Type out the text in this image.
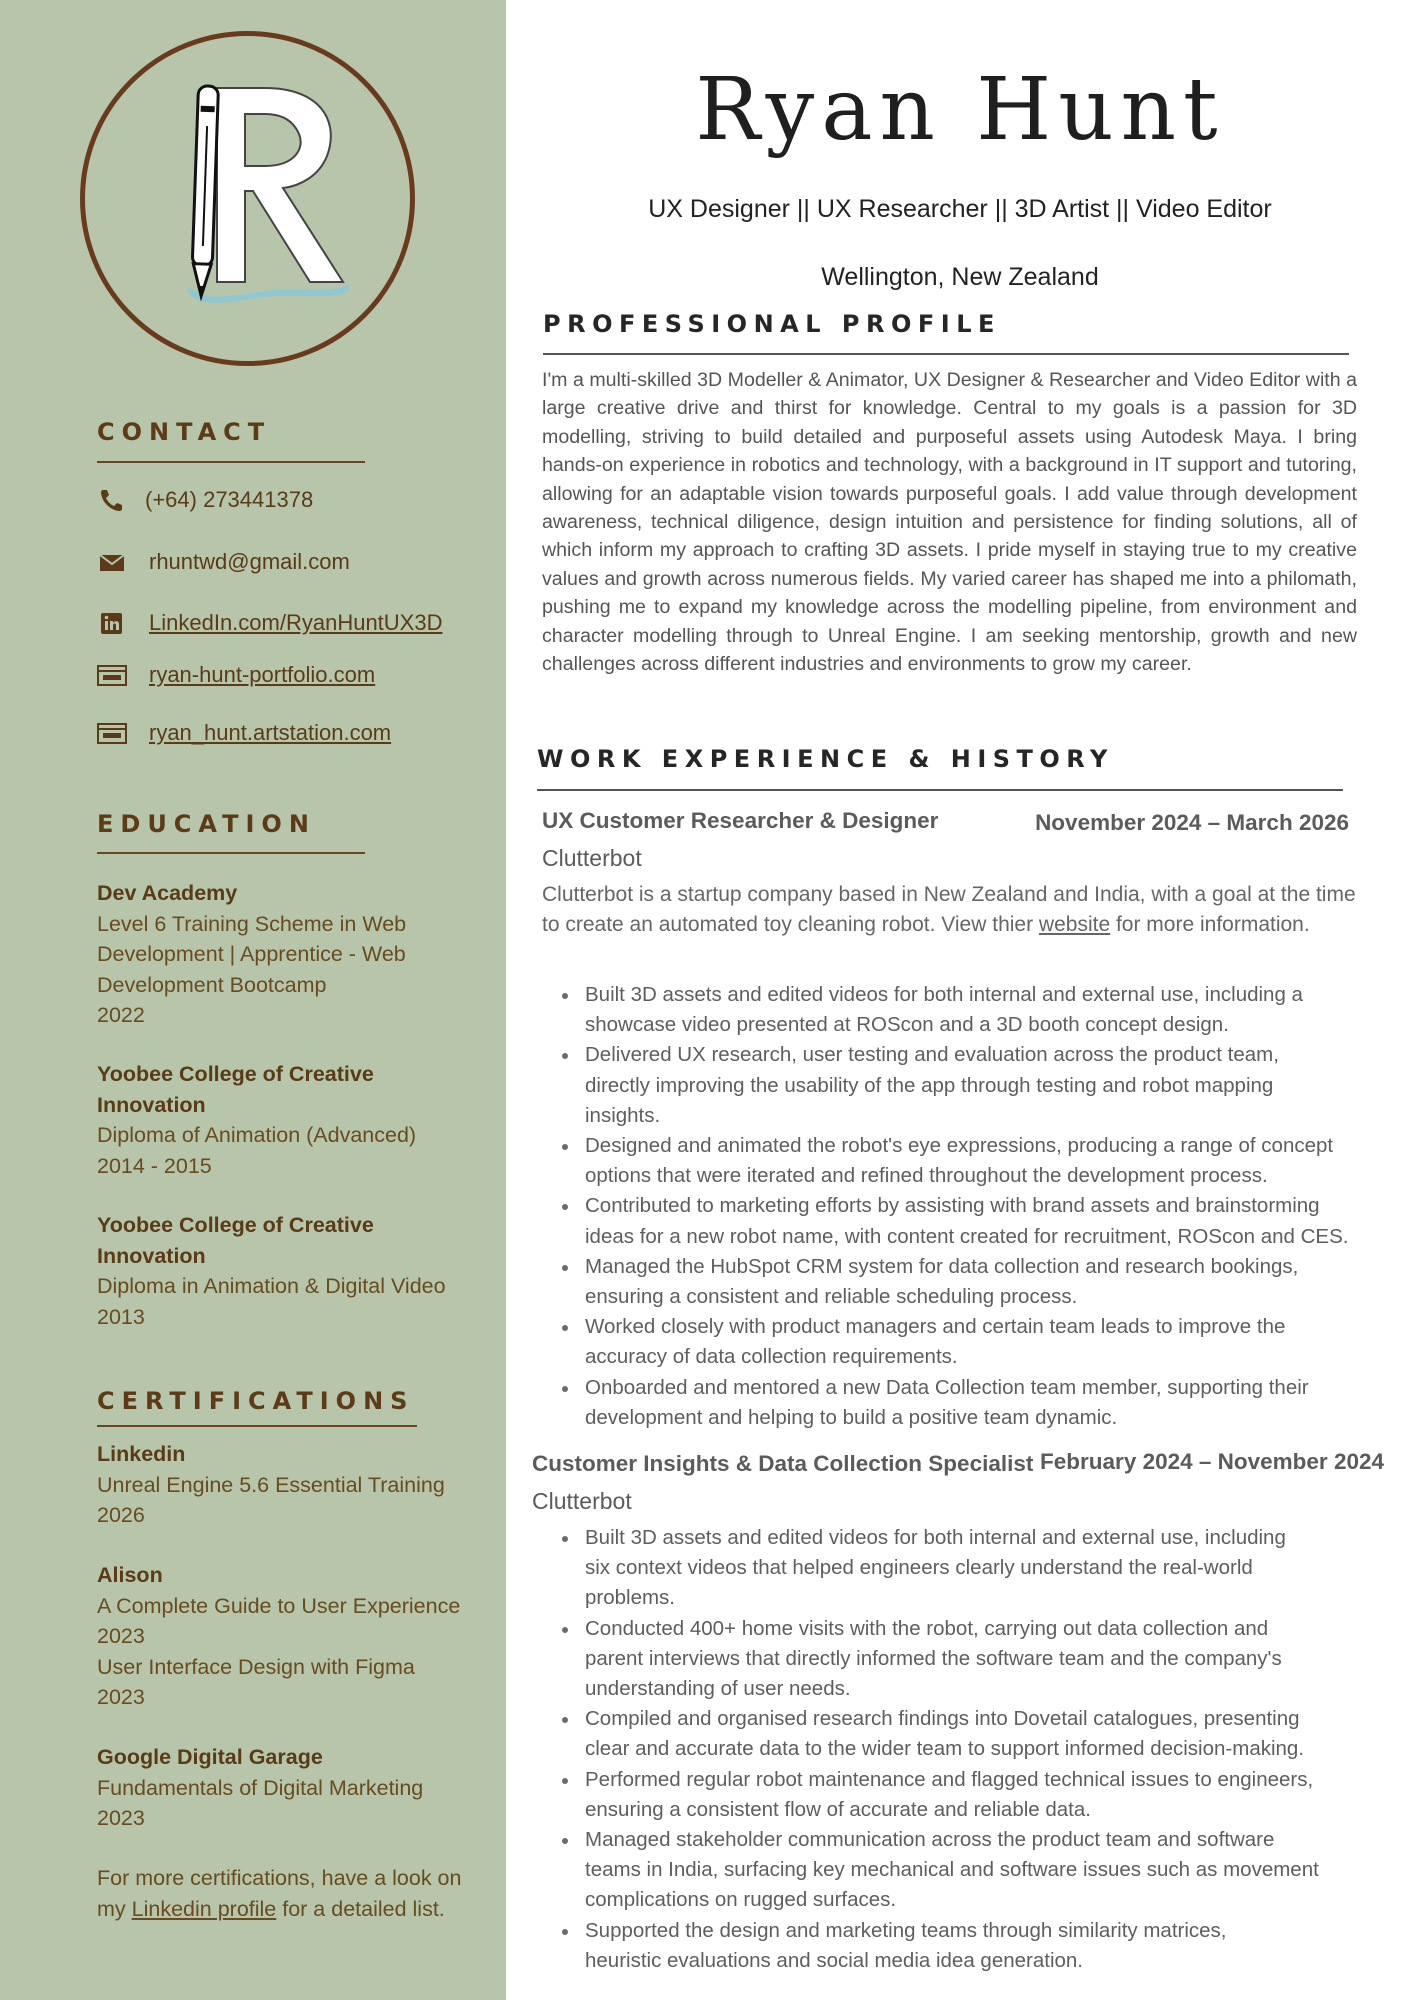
CONTACT
(+64) 273441378
rhuntwd@gmail.com
LinkedIn.com/RyanHuntUX3D
ryan-hunt-portfolio.com
ryan_hunt.artstation.com
EDUCATION
Dev Academy
Level 6 Training Scheme in Web
Development | Apprentice - Web
Development Bootcamp
2022
Yoobee College of Creative
Innovation
Diploma of Animation (Advanced)
2014 - 2015
Yoobee College of Creative
Innovation
Diploma in Animation & Digital Video
2013
CERTIFICATIONS
Linkedin
Unreal Engine 5.6 Essential Training
2026
Alison
A Complete Guide to User Experience
2023
User Interface Design with Figma
2023
Google Digital Garage
Fundamentals of Digital Marketing
2023
For more certifications, have a look on
my Linkedin profile for a detailed list.
Ryan Hunt
UX Designer || UX Researcher || 3D Artist || Video Editor
Wellington, New Zealand
PROFESSIONAL PROFILE

I'm a multi-skilled 3D Modeller & Animator, UX Designer & Researcher and Video Editor with a large creative drive and thirst for knowledge. Central to my goals is a passion for 3D modelling, striving to build detailed and purposeful assets using Autodesk Maya. I bring hands-on experience in robotics and technology, with a background in IT support and tutoring, allowing for an adaptable vision towards purposeful goals. I add value through development awareness, technical diligence, design intuition and persistence for finding solutions, all of which inform my approach to crafting 3D assets. I pride myself in staying true to my creative values and growth across numerous fields. My varied career has shaped me into a philomath, pushing me to expand my knowledge across the modelling pipeline, from environment and character modelling through to Unreal Engine. I am seeking mentorship, growth and new challenges across different industries and environments to grow my career.

WORK EXPERIENCE & HISTORY
UX Customer Researcher & Designer	November 2024 – March 2026
Clutterbot

Clutterbot is a startup company based in New Zealand and India, with a goal at the time to create an automated toy cleaning robot. View thier website for more information.

Built 3D assets and edited videos for both internal and external use, including a
showcase video presented at ROScon and a 3D booth concept design.
Delivered UX research, user testing and evaluation across the product team,
directly improving the usability of the app through testing and robot mapping
insights.
Designed and animated the robot's eye expressions, producing a range of concept
options that were iterated and refined throughout the development process.
Contributed to marketing efforts by assisting with brand assets and brainstorming
ideas for a new robot name, with content created for recruitment, ROScon and CES.
Managed the HubSpot CRM system for data collection and research bookings,
ensuring a consistent and reliable scheduling process.
Worked closely with product managers and certain team leads to improve the
accuracy of data collection requirements.
Onboarded and mentored a new Data Collection team member, supporting their
development and helping to build a positive team dynamic.
Customer Insights & Data Collection Specialist February 2024 – November 2024
Clutterbot
Built 3D assets and edited videos for both internal and external use, including
six context videos that helped engineers clearly understand the real-world
problems.
Conducted 400+ home visits with the robot, carrying out data collection and
parent interviews that directly informed the software team and the company's
understanding of user needs.
Compiled and organised research findings into Dovetail catalogues, presenting
clear and accurate data to the wider team to support informed decision-making.
Performed regular robot maintenance and flagged technical issues to engineers,
ensuring a consistent flow of accurate and reliable data.
Managed stakeholder communication across the product team and software
teams in India, surfacing key mechanical and software issues such as movement
complications on rugged surfaces.
Supported the design and marketing teams through similarity matrices,
heuristic evaluations and social media idea generation.
